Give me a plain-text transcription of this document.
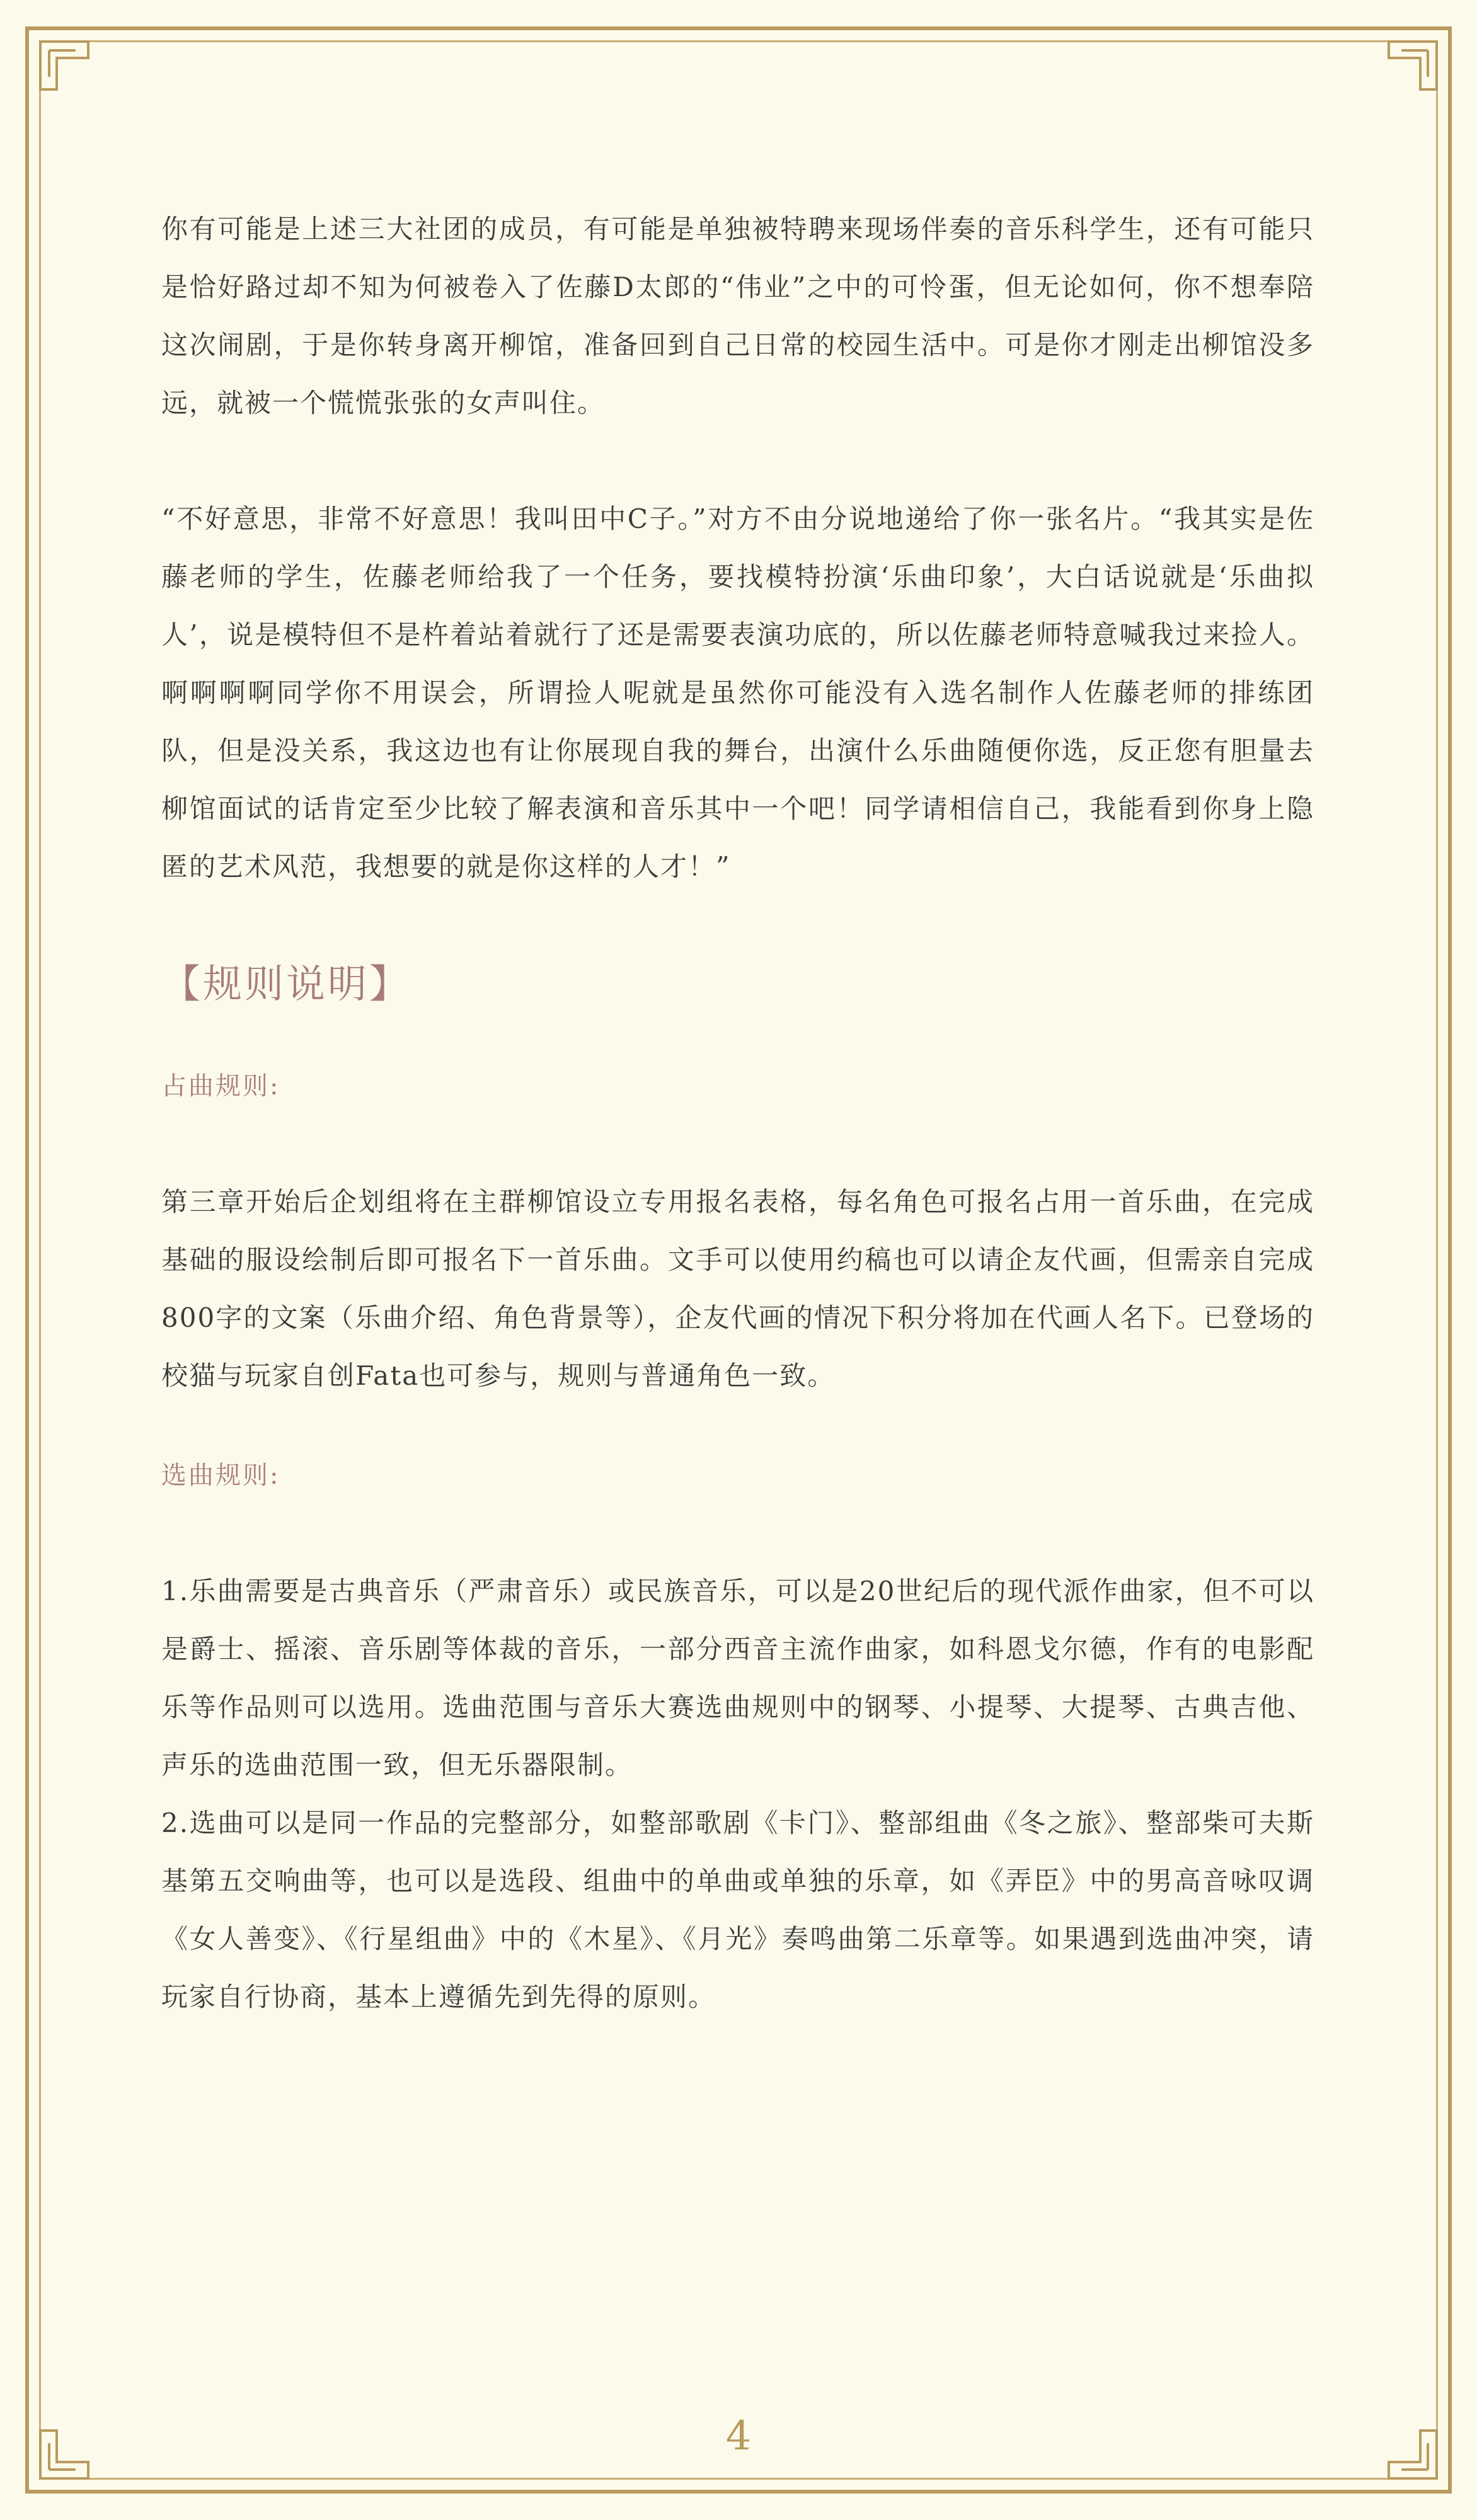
你有可能是上述三大社团的成员，有可能是单独被特聘来现场伴奏的音乐科学生，还有可能只是恰好路过却不知为何被卷入了佐藤D太郎的“伟业”之中的可怜蛋，但无论如何，你不想奉陪这次闹剧，于是你转身离开柳馆，准备回到自己日常的校园生活中。可是你才刚走出柳馆没多远，就被一个慌慌张张的女声叫住。

“不好意思，非常不好意思！我叫田中C子。”对方不由分说地递给了你一张名片。“我其实是佐藤老师的学生，佐藤老师给我了一个任务，要找模特扮演‘乐曲印象’，大白话说就是‘乐曲拟人’，说是模特但不是杵着站着就行了还是需要表演功底的，所以佐藤老师特意喊我过来捡人。啊啊啊啊同学你不用误会，所谓捡人呢就是虽然你可能没有入选名制作人佐藤老师的排练团队，但是没关系，我这边也有让你展现自我的舞台，出演什么乐曲随便你选，反正您有胆量去柳馆面试的话肯定至少比较了解表演和音乐其中一个吧！同学请相信自己，我能看到你身上隐匿的艺术风范，我想要的就是你这样的人才！”

【规则说明】
占曲规则:

第三章开始后企划组将在主群柳馆设立专用报名表格，每名角色可报名占用一首乐曲，在完成基础的服设绘制后即可报名下一首乐曲。文手可以使用约稿也可以请企友代画，但需亲自完成800字的文案（乐曲介绍、角色背景等），企友代画的情况下积分将加在代画人名下。已登场的校猫与玩家自创Fata也可参与，规则与普通角色一致。

选曲规则:

1.乐曲需要是古典音乐（严肃音乐）或民族音乐，可以是20世纪后的现代派作曲家，但不可以是爵士、摇滚、音乐剧等体裁的音乐，一部分西音主流作曲家，如科恩戈尔德，作有的电影配乐等作品则可以选用。选曲范围与音乐大赛选曲规则中的钢琴、小提琴、大提琴、古典吉他、声乐的选曲范围一致，但无乐器限制。

2.选曲可以是同一作品的完整部分，如整部歌剧《卡门》、整部组曲《冬之旅》、整部柴可夫斯基第五交响曲等，也可以是选段、组曲中的单曲或单独的乐章，如《弄臣》中的男高音咏叹调《女人善变》、《行星组曲》中的《木星》、《月光》奏鸣曲第二乐章等。如果遇到选曲冲突，请玩家自行协商，基本上遵循先到先得的原则。

4
